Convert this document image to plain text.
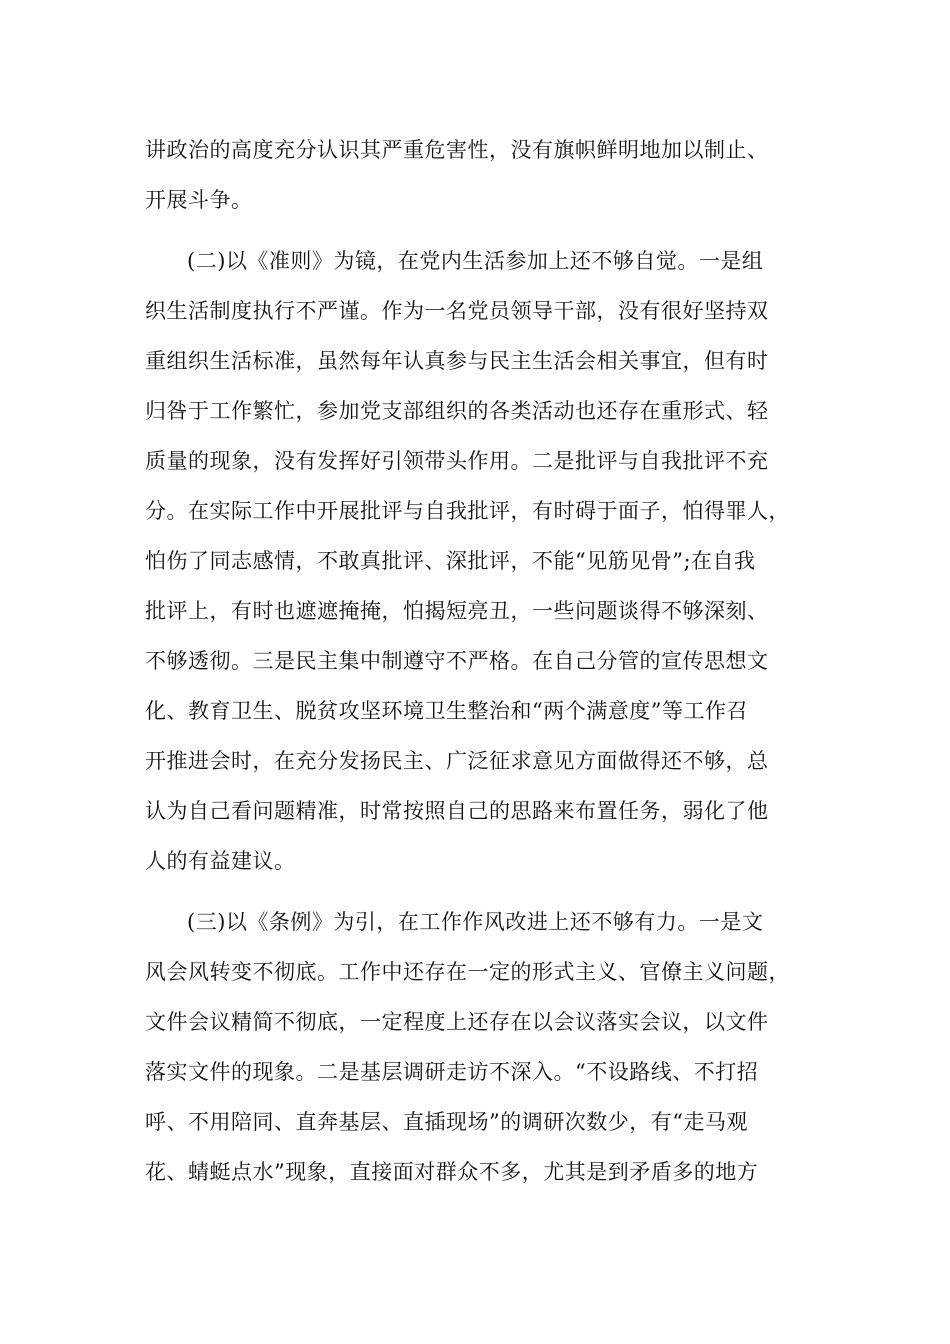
讲政治的高度充分认识其严重危害性，没有旗帜鲜明地加以制止、
开展斗争。
(二)以《准则》为镜，在党内生活参加上还不够自觉。一是组
织生活制度执行不严谨。作为一名党员领导干部，没有很好坚持双
重组织生活标准，虽然每年认真参与民主生活会相关事宜，但有时
归咎于工作繁忙，参加党支部组织的各类活动也还存在重形式、轻
质量的现象，没有发挥好引领带头作用。二是批评与自我批评不充
分。在实际工作中开展批评与自我批评，有时碍于面子，怕得罪人，
怕伤了同志感情，不敢真批评、深批评，不能“见筋见骨”;在自我
批评上，有时也遮遮掩掩，怕揭短亮丑，一些问题谈得不够深刻、
不够透彻。三是民主集中制遵守不严格。在自己分管的宣传思想文
化、教育卫生、脱贫攻坚环境卫生整治和“两个满意度”等工作召
开推进会时，在充分发扬民主、广泛征求意见方面做得还不够，总
认为自己看问题精准，时常按照自己的思路来布置任务，弱化了他
人的有益建议。
(三)以《条例》为引，在工作作风改进上还不够有力。一是文
风会风转变不彻底。工作中还存在一定的形式主义、官僚主义问题，
文件会议精简不彻底，一定程度上还存在以会议落实会议，以文件
落实文件的现象。二是基层调研走访不深入。“不设路线、不打招
呼、不用陪同、直奔基层、直插现场”的调研次数少，有“走马观
花、蜻蜓点水”现象，直接面对群众不多，尤其是到矛盾多的地方
